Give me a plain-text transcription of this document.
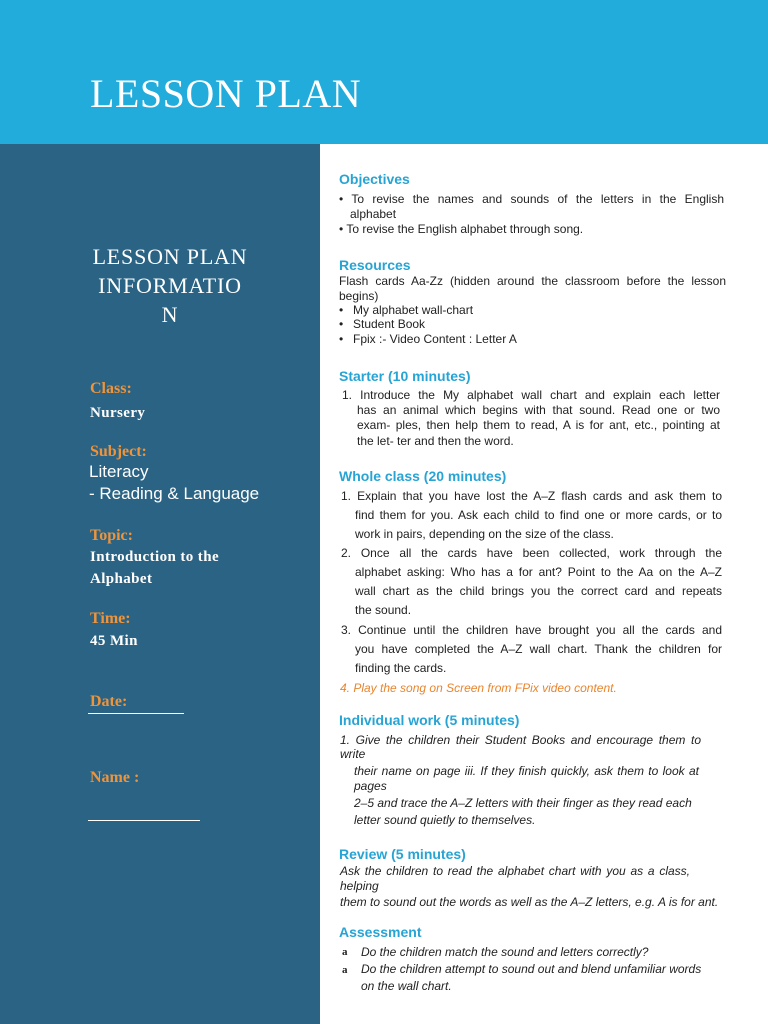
LESSON PLAN
LESSON PLAN
INFORMATIO
N
Class:
Nursery
Subject:
Literacy
- Reading & Language
Topic:
Introduction to the
Alphabet
Time:
45 Min
Date:
Name :
Objectives
• To revise the names and sounds of the letters in the English
alphabet
• To revise the English alphabet through song.
Resources
Flash cards Aa-Zz (hidden around the classroom before the lesson
begins)
• My alphabet wall-chart
• Student Book
• Fpix :- Video Content : Letter A
Starter (10 minutes)
1. Introduce the My alphabet wall chart and explain each letter
has an animal which begins with that sound. Read one or two
exam- ples, then help them to read, A is for ant, etc., pointing at
the let- ter and then the word.
Whole class (20 minutes)
1. Explain that you have lost the A–Z flash cards and ask them to
find them for you. Ask each child to find one or more cards, or to
work in pairs, depending on the size of the class.
2. Once all the cards have been collected, work through the
alphabet asking: Who has a for ant? Point to the Aa on the A–Z
wall chart as the child brings you the correct card and repeats
the sound.
3. Continue until the children have brought you all the cards and
you have completed the A–Z wall chart. Thank the children for
finding the cards.
4. Play the song on Screen from FPix video content.
Individual work (5 minutes)
1. Give the children their Student Books and encourage them to
write
their name on page iii. If they finish quickly, ask them to look at
pages
2–5 and trace the A–Z letters with their finger as they read each
letter sound quietly to themselves.
Review (5 minutes)
Ask the children to read the alphabet chart with you as a class,
helping
them to sound out the words as well as the A–Z letters, e.g. A is for ant.
Assessment
a Do the children match the sound and letters correctly?
a Do the children attempt to sound out and blend unfamiliar words
on the wall chart.
